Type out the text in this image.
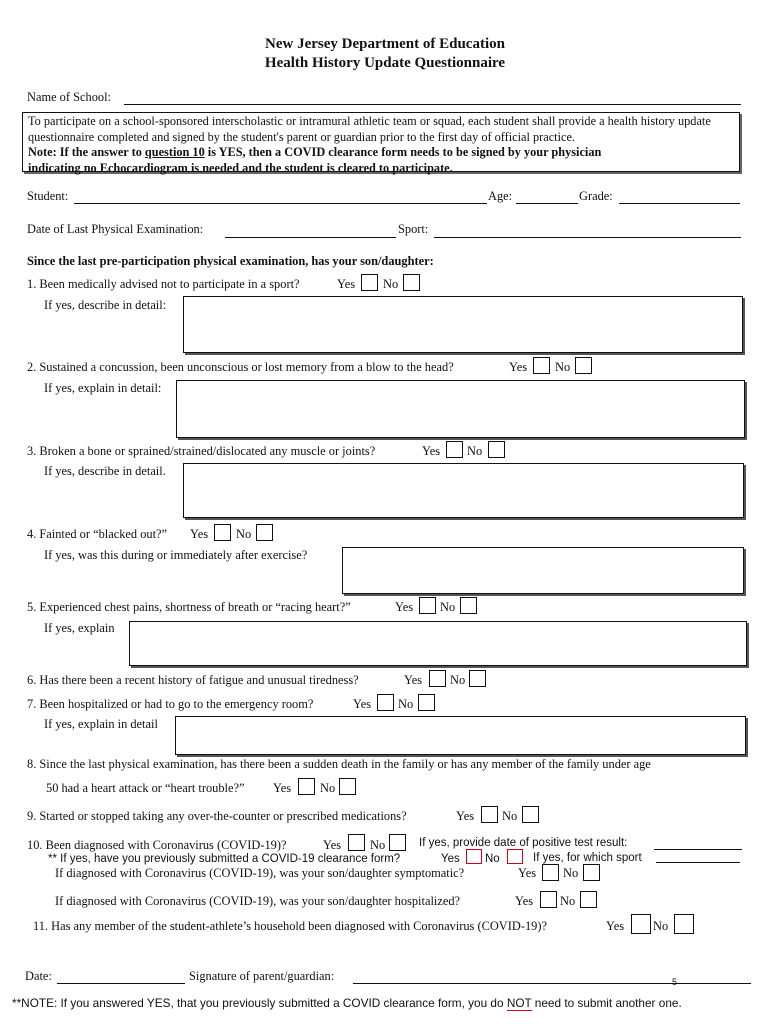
New Jersey Department of Education
Health History Update Questionnaire
Name of School:

To participate on a school-sponsored interscholastic or intramural athletic team or squad, each student shall provide a health history update questionnaire completed and signed by the student's parent or guardian prior to the first day of official practice.

Note: If the answer to question 10 is YES, then a COVID clearance form needs to be signed by your physician
indicating no Echocardiogram is needed and the student is cleared to participate.

Student:	Age:	Grade:
Date of Last Physical Examination:	Sport:
Since the last pre-participation physical examination, has your son/daughter:
1. Been medically advised not to participate in a sport?	Yes No
If yes, describe in detail:
2. Sustained a concussion, been unconscious or lost memory from a blow to the head?	Yes No
If yes, explain in detail:
3. Broken a bone or sprained/strained/dislocated any muscle or joints?	Yes No
If yes, describe in detail.
4. Fainted or “blacked out?” Yes No
If yes, was this during or immediately after exercise?
5. Experienced chest pains, shortness of breath or “racing heart?”	Yes No
If yes, explain
6. Has there been a recent history of fatigue and unusual tiredness?	Yes No
7. Been hospitalized or had to go to the emergency room?	Yes No
If yes, explain in detail
8. Since the last physical examination, has there been a sudden death in the family or has any member of the family under age
50 had a heart attack or “heart trouble?” Yes No
9. Started or stopped taking any over-the-counter or prescribed medications?	Yes No
10. Been diagnosed with Coronavirus (COVID-19)?	Yes No	If yes, provide date of positive test result:
** If yes, have you previously submitted a COVID-19 clearance form?	Yes No	If yes, for which sport
If diagnosed with Coronavirus (COVID-19), was your son/daughter symptomatic?	Yes No
If diagnosed with Coronavirus (COVID-19), was your son/daughter hospitalized?	Yes No
11. Has any member of the student-athlete’s household been diagnosed with Coronavirus (COVID-19)?	Yes No
Date:	Signature of parent/guardian:	5
**NOTE: If you answered YES, that you previously submitted a COVID clearance form, you do NOT need to submit another one.
